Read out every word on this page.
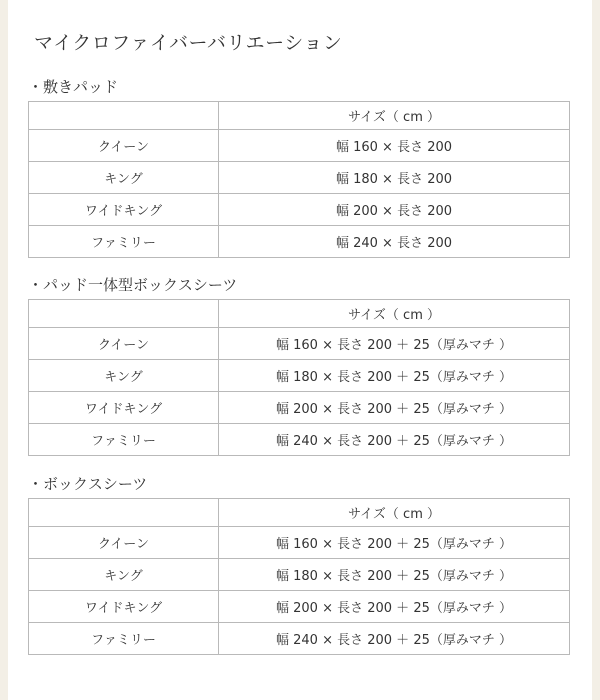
マイクロファイバーバリエーション
・敷きパッド
	サイズ（ cm ）
クイーン	幅 160 × 長さ 200
キング	幅 180 × 長さ 200
ワイドキング	幅 200 × 長さ 200
ファミリー	幅 240 × 長さ 200
・パッド一体型ボックスシーツ
	サイズ（ cm ）
クイーン	幅 160 × 長さ 200 ＋ 25（厚みマチ ）
キング	幅 180 × 長さ 200 ＋ 25（厚みマチ ）
ワイドキング	幅 200 × 長さ 200 ＋ 25（厚みマチ ）
ファミリー	幅 240 × 長さ 200 ＋ 25（厚みマチ ）
・ボックスシーツ
	サイズ（ cm ）
クイーン	幅 160 × 長さ 200 ＋ 25（厚みマチ ）
キング	幅 180 × 長さ 200 ＋ 25（厚みマチ ）
ワイドキング	幅 200 × 長さ 200 ＋ 25（厚みマチ ）
ファミリー	幅 240 × 長さ 200 ＋ 25（厚みマチ ）
